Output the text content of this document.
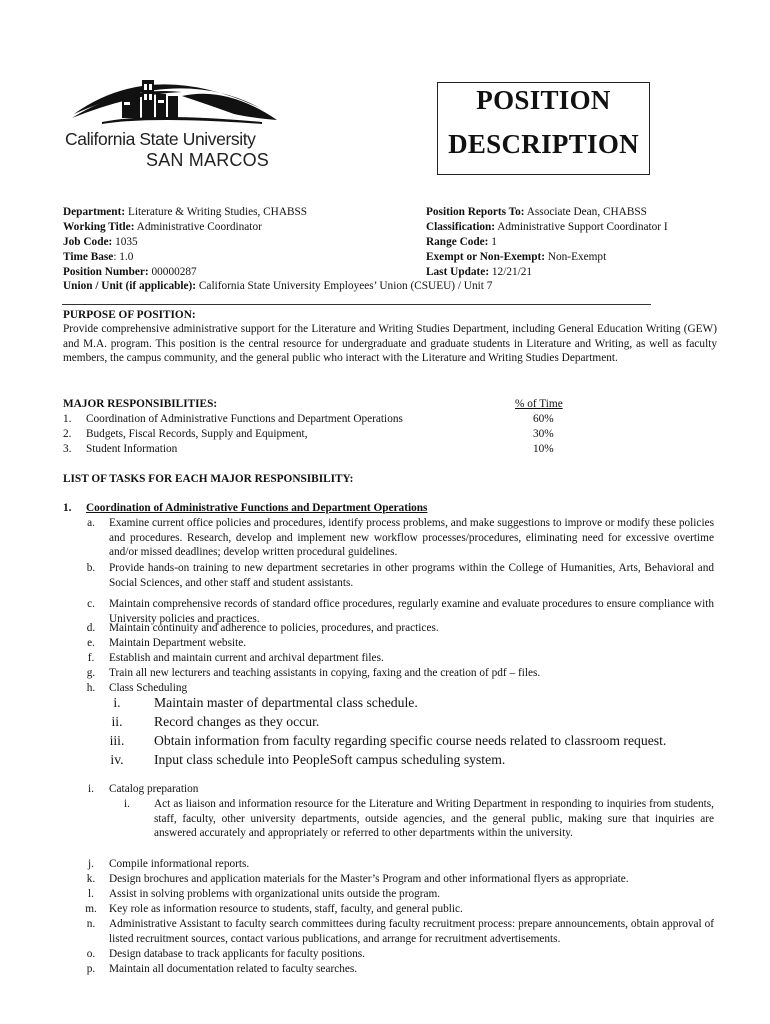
California State University
SAN MARCOS
POSITION
DESCRIPTION
Department: Literature & Writing Studies, CHABSS
Working Title: Administrative Coordinator
Job Code: 1035
Time Base: 1.0
Position Number: 00000287
Union / Unit (if applicable): California State University Employees’ Union (CSUEU) / Unit 7
Position Reports To: Associate Dean, CHABSS
Classification: Administrative Support Coordinator I
Range Code: 1
Exempt or Non-Exempt: Non-Exempt
Last Update: 12/21/21
PURPOSE OF POSITION:
Provide comprehensive administrative support for the Literature and Writing Studies Department, including General Education Writing (GEW) and M.A. program. This position is the central resource for undergraduate and graduate students in Literature and Writing, as well as faculty members, the campus community, and the general public who interact with the Literature and Writing Studies Department.
MAJOR RESPONSIBILITIES:	% of Time
1. Coordination of Administrative Functions and Department Operations	60%
2. Budgets, Fiscal Records, Supply and Equipment,	30%
3. Student Information	10%
LIST OF TASKS FOR EACH MAJOR RESPONSIBILITY:
1. Coordination of Administrative Functions and Department Operations
a.	Examine current office policies and procedures, identify process problems, and make suggestions to improve or modify these policies and procedures. Research, develop and implement new workflow processes/procedures, eliminating need for excessive overtime and/or missed deadlines; develop written procedural guidelines.
b.	Provide hands-on training to new department secretaries in other programs within the College of Humanities, Arts, Behavioral and Social Sciences, and other staff and student assistants.
c.	Maintain comprehensive records of standard office procedures, regularly examine and evaluate procedures to ensure compliance with University policies and practices.
d.	Maintain continuity and adherence to policies, procedures, and practices.
e.	Maintain Department website.
f.	Establish and maintain current and archival department files.
g.	Train all new lecturers and teaching assistants in copying, faxing and the creation of pdf – files.
h.	Class Scheduling
i.	Maintain master of departmental class schedule.
ii. Record changes as they occur.
iii. Obtain information from faculty regarding specific course needs related to classroom request.
iv. Input class schedule into PeopleSoft campus scheduling system.
i.	Catalog preparation
i.	Act as liaison and information resource for the Literature and Writing Department in responding to inquiries from students, staff, faculty, other university departments, outside agencies, and the general public, making sure that inquiries are answered accurately and appropriately or referred to other departments within the university.
j.	Compile informational reports.
k.	Design brochures and application materials for the Master’s Program and other informational flyers as appropriate.
l.	Assist in solving problems with organizational units outside the program.
m. Key role as information resource to students, staff, faculty, and general public.
n.	Administrative Assistant to faculty search committees during faculty recruitment process: prepare announcements, obtain approval of listed recruitment sources, contact various publications, and arrange for recruitment advertisements.
o.	Design database to track applicants for faculty positions.
p.	Maintain all documentation related to faculty searches.
